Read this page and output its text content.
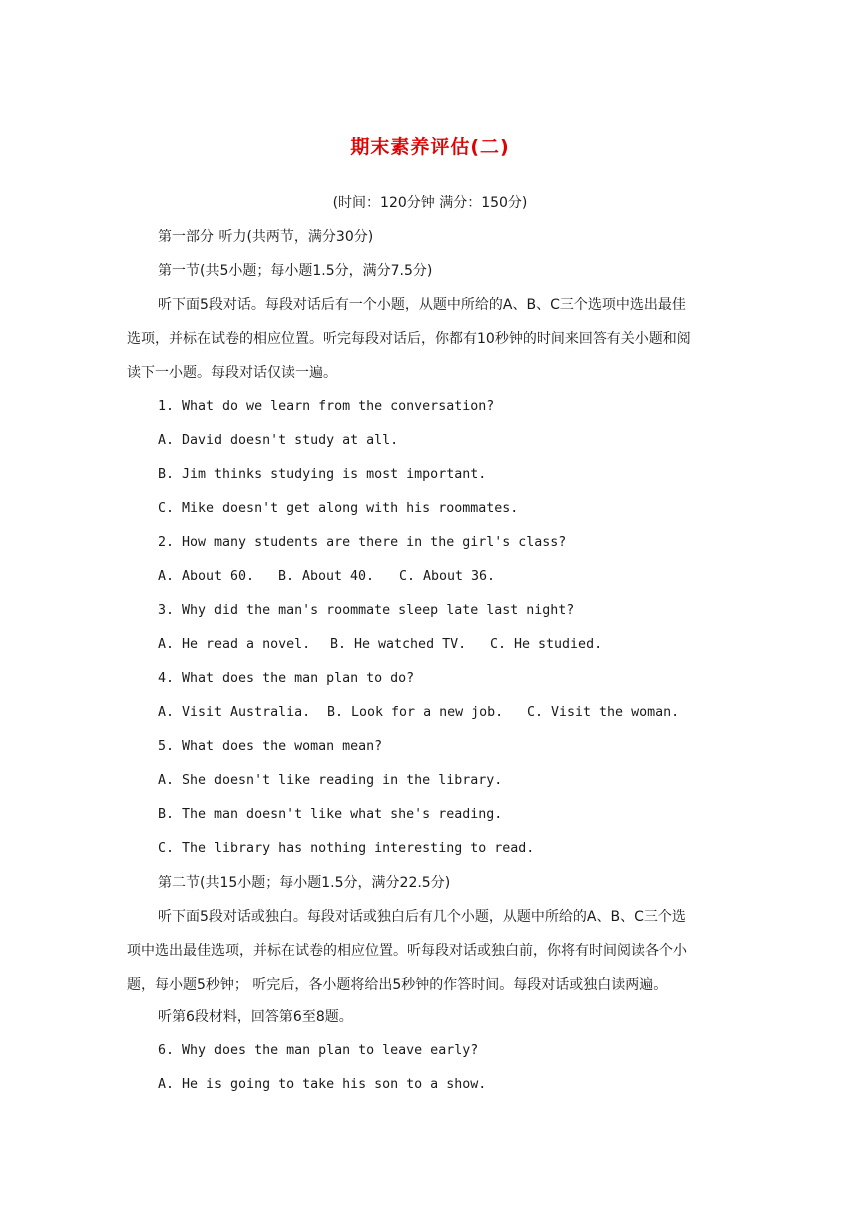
期末素养评估(二)
(时间：120分钟 满分：150分)
第一部分 听力(共两节，满分30分)
第一节(共5小题；每小题1.5分，满分7.5分)
听下面5段对话。每段对话后有一个小题，从题中所给的A、B、C三个选项中选出最佳
选项，并标在试卷的相应位置。听完每段对话后，你都有10秒钟的时间来回答有关小题和阅
读下一小题。每段对话仅读一遍。
1. What do we learn from the conversation?
A. David doesn't study at all.
B. Jim thinks studying is most important.
C. Mike doesn't get along with his roommates.
2. How many students are there in the girl's class?
A. About 60. B. About 40. C. About 36.
3. Why did the man's roommate sleep late last night?
A. He read a novel. B. He watched TV. C. He studied.
4. What does the man plan to do?
A. Visit Australia. B. Look for a new job. C. Visit the woman.
5. What does the woman mean?
A. She doesn't like reading in the library.
B. The man doesn't like what she's reading.
C. The library has nothing interesting to read.
第二节(共15小题；每小题1.5分，满分22.5分)
听下面5段对话或独白。每段对话或独白后有几个小题，从题中所给的A、B、C三个选
项中选出最佳选项，并标在试卷的相应位置。听每段对话或独白前，你将有时间阅读各个小
题，每小题5秒钟； 听完后，各小题将给出5秒钟的作答时间。每段对话或独白读两遍。
听第6段材料，回答第6至8题。
6. Why does the man plan to leave early?
A. He is going to take his son to a show.
